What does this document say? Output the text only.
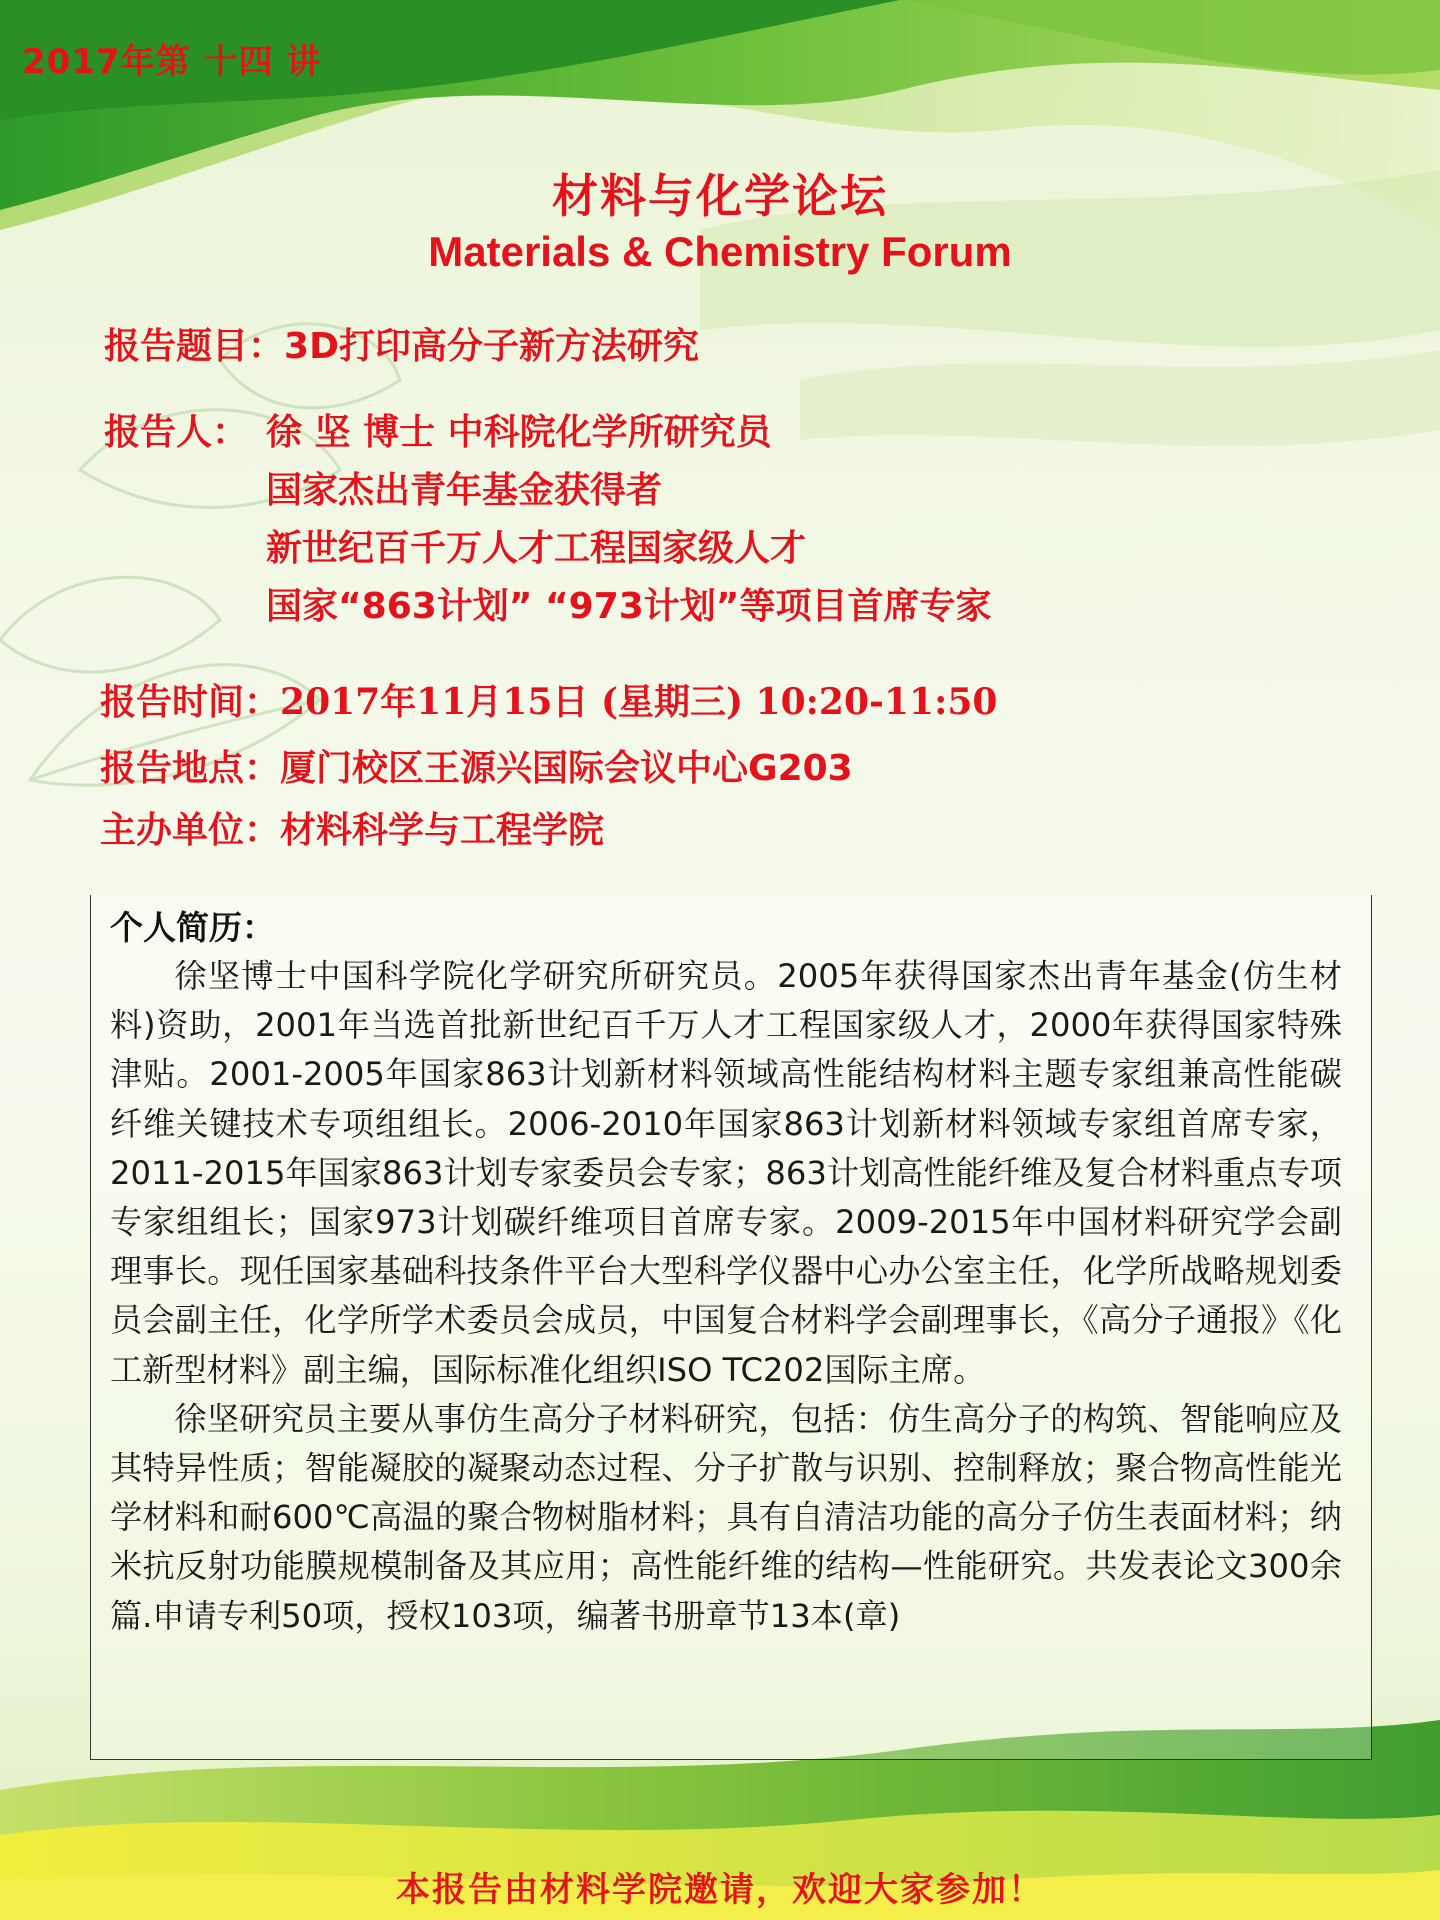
2017年第 十四 讲
材料与化学论坛
Materials & Chemistry Forum
报告题目：3D打印高分子新方法研究
报告人： 徐 坚 博士 中科院化学所研究员
国家杰出青年基金获得者
新世纪百千万人才工程国家级人才
国家“863计划” “973计划”等项目首席专家
报告时间：2017年11月15日 (星期三) 10:20-11:50
报告地点：厦门校区王源兴国际会议中心G203
主办单位：材料科学与工程学院
个人简历：

徐坚博士中国科学院化学研究所研究员。2005年获得国家杰出青年基金(仿生材料)资助，2001年当选首批新世纪百千万人才工程国家级人才，2000年获得国家特殊津贴。2001-2005年国家863计划新材料领域高性能结构材料主题专家组兼高性能碳纤维关键技术专项组组长。2006-2010年国家863计划新材料领域专家组首席专家，2011-2015年国家863计划专家委员会专家；863计划高性能纤维及复合材料重点专项专家组组长；国家973计划碳纤维项目首席专家。2009-2015年中国材料研究学会副理事长。现任国家基础科技条件平台大型科学仪器中心办公室主任，化学所战略规划委员会副主任，化学所学术委员会成员，中国复合材料学会副理事长，《高分子通报》《化工新型材料》副主编，国际标准化组织ISO TC202国际主席。

徐坚研究员主要从事仿生高分子材料研究，包括：仿生高分子的构筑、智能响应及其特异性质；智能凝胶的凝聚动态过程、分子扩散与识别、控制释放；聚合物高性能光学材料和耐600℃高温的聚合物树脂材料；具有自清洁功能的高分子仿生表面材料；纳米抗反射功能膜规模制备及其应用；高性能纤维的结构—性能研究。共发表论文300余篇.申请专利50项，授权103项，编著书册章节13本(章)

本报告由材料学院邀请，欢迎大家参加！
